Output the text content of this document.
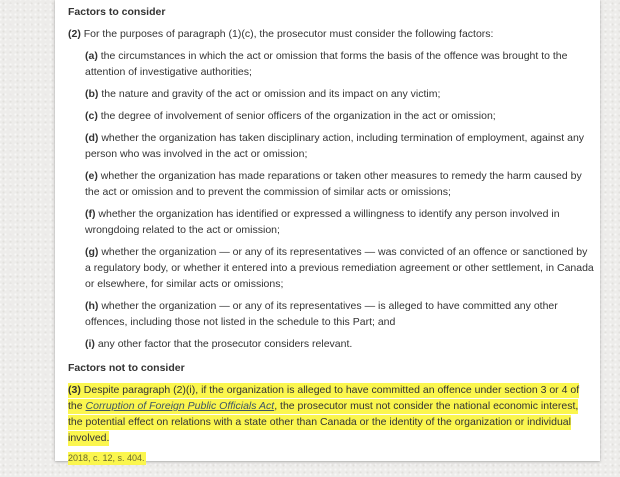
Factors to consider

(2) For the purposes of paragraph (1)(c), the prosecutor must consider the following factors:

(a) the circumstances in which the act or omission that forms the basis of the offence was brought to the attention of investigative authorities;

(b) the nature and gravity of the act or omission and its impact on any victim;

(c) the degree of involvement of senior officers of the organization in the act or omission;

(d) whether the organization has taken disciplinary action, including termination of employment, against any person who was involved in the act or omission;

(e) whether the organization has made reparations or taken other measures to remedy the harm caused by the act or omission and to prevent the commission of similar acts or omissions;

(f) whether the organization has identified or expressed a willingness to identify any person involved in wrongdoing related to the act or omission;

(g) whether the organization — or any of its representatives — was convicted of an offence or sanctioned by a regulatory body, or whether it entered into a previous remediation agreement or other settlement, in Canada or elsewhere, for similar acts or omissions;

(h) whether the organization — or any of its representatives — is alleged to have committed any other offences, including those not listed in the schedule to this Part; and

(i) any other factor that the prosecutor considers relevant.

Factors not to consider

(3) Despite paragraph (2)(i), if the organization is alleged to have committed an offence under section 3 or 4 of the Corruption of Foreign Public Officials Act, the prosecutor must not consider the national economic interest, the potential effect on relations with a state other than Canada or the identity of the organization or individual involved.

2018, c. 12, s. 404.
